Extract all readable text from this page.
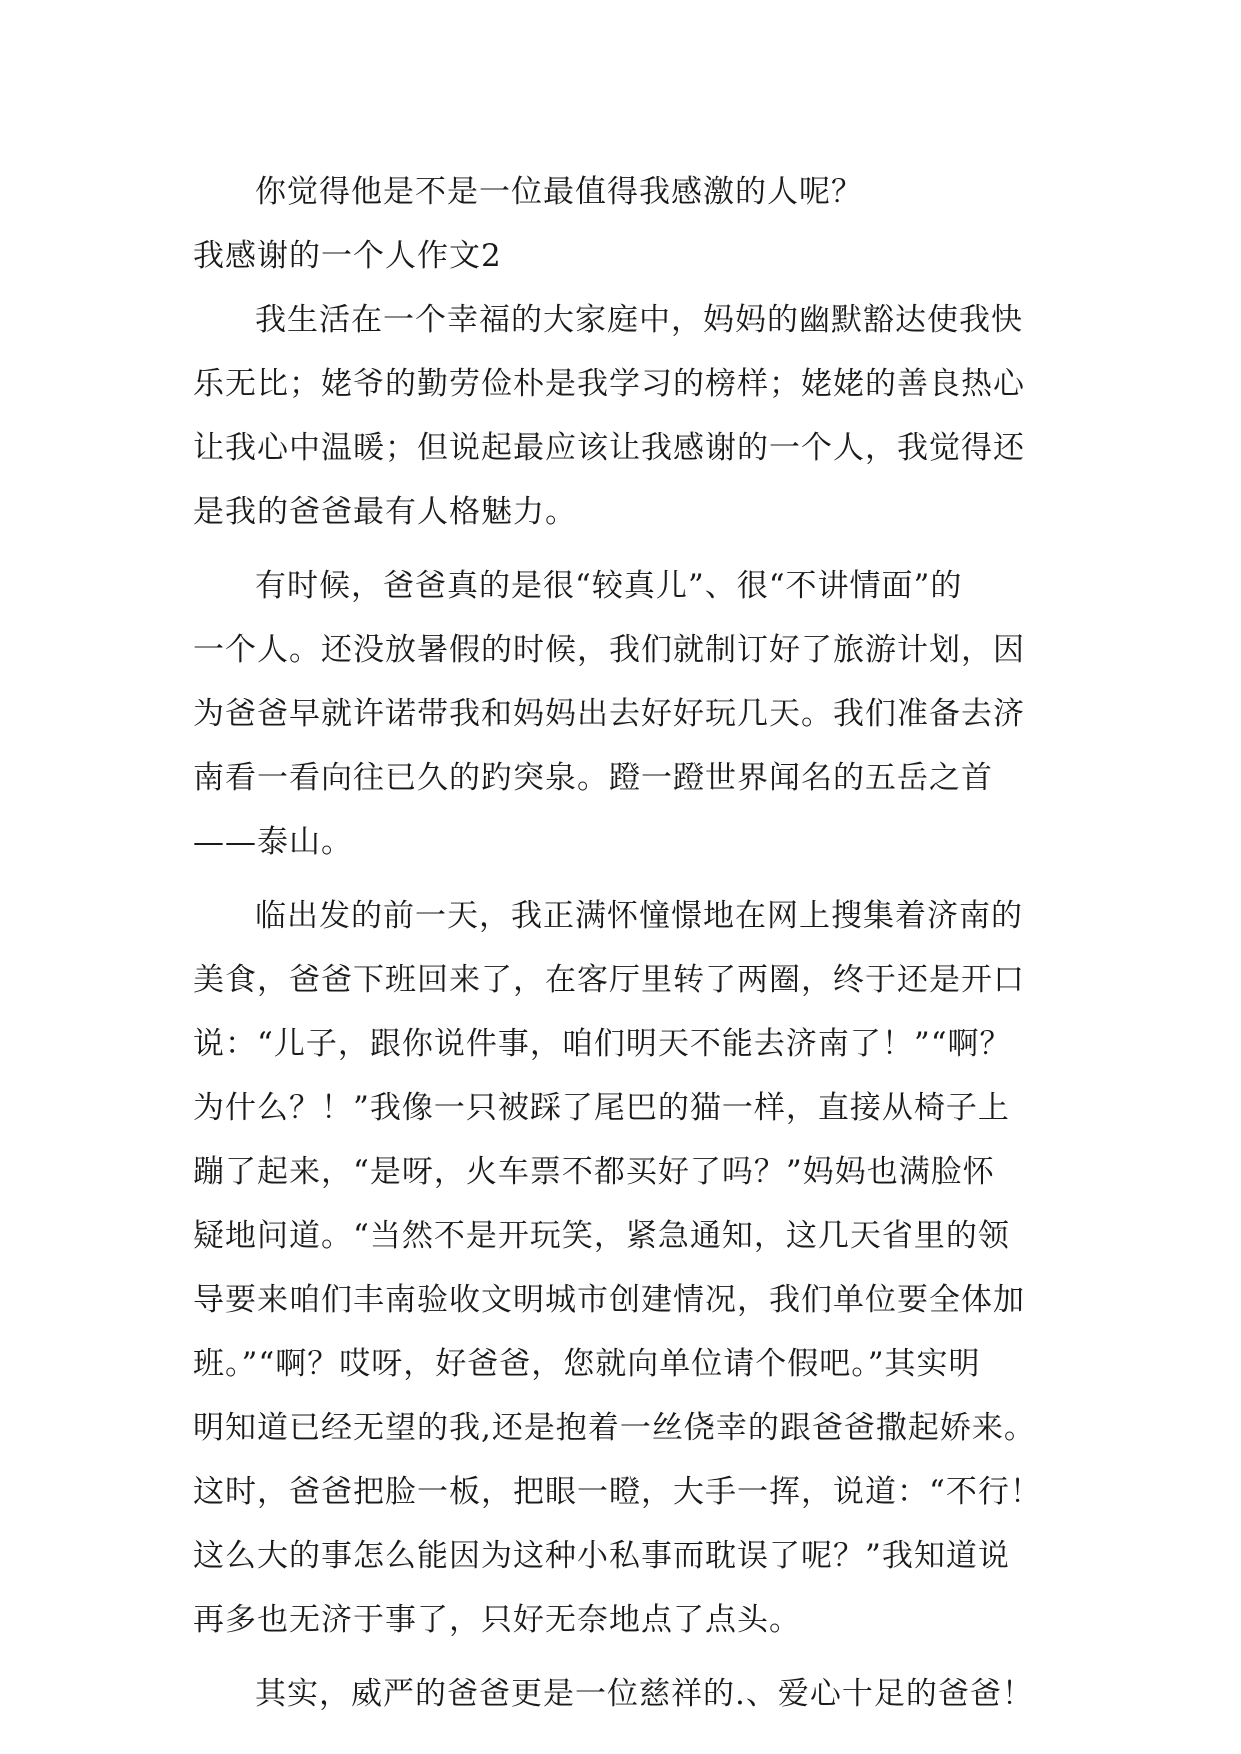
你觉得他是不是一位最值得我感激的人呢？
我感谢的一个人作文2
我生活在一个幸福的大家庭中，妈妈的幽默豁达使我快
乐无比；姥爷的勤劳俭朴是我学习的榜样；姥姥的善良热心
让我心中温暖；但说起最应该让我感谢的一个人，我觉得还
是我的爸爸最有人格魅力。
有时候，爸爸真的是很“较真儿”、很“不讲情面”的
一个人。还没放暑假的时候，我们就制订好了旅游计划，因
为爸爸早就许诺带我和妈妈出去好好玩几天。我们准备去济
南看一看向往已久的趵突泉。蹬一蹬世界闻名的五岳之首
——泰山。
临出发的前一天，我正满怀憧憬地在网上搜集着济南的
美食，爸爸下班回来了，在客厅里转了两圈，终于还是开口
说：“儿子，跟你说件事，咱们明天不能去济南了！”“啊？
为什么？！”我像一只被踩了尾巴的猫一样，直接从椅子上
蹦了起来，“是呀，火车票不都买好了吗？”妈妈也满脸怀
疑地问道。“当然不是开玩笑，紧急通知，这几天省里的领
导要来咱们丰南验收文明城市创建情况，我们单位要全体加
班。”“啊？哎呀，好爸爸，您就向单位请个假吧。”其实明
明知道已经无望的我,还是抱着一丝侥幸的跟爸爸撒起娇来。
这时，爸爸把脸一板，把眼一瞪，大手一挥，说道：“不行！
这么大的事怎么能因为这种小私事而耽误了呢？”我知道说
再多也无济于事了，只好无奈地点了点头。
其实，威严的爸爸更是一位慈祥的.、爱心十足的爸爸！
